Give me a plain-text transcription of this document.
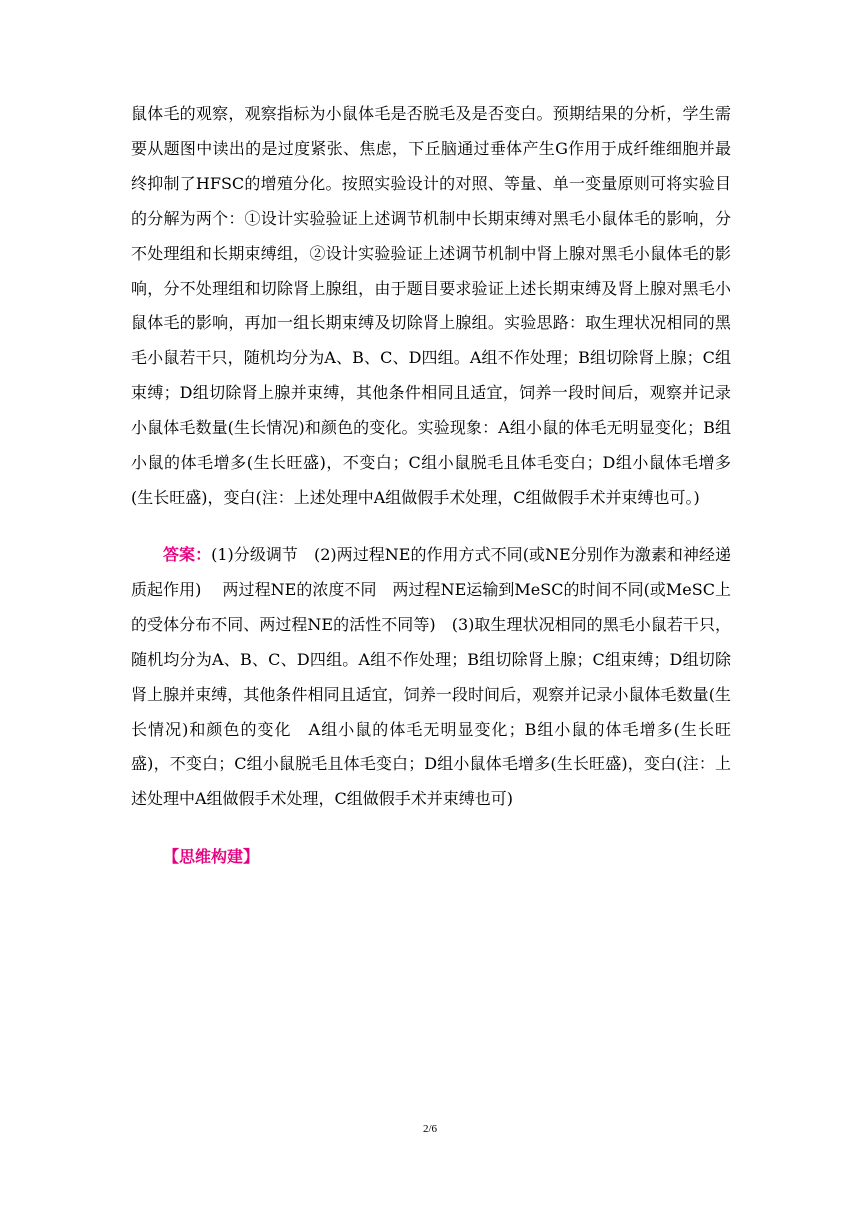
鼠体毛的观察，观察指标为小鼠体毛是否脱毛及是否变白。预期结果的分析，学生需要从题图中读出的是过度紧张、焦虑，下丘脑通过垂体产生G作用于成纤维细胞并最终抑制了HFSC的增殖分化。按照实验设计的对照、等量、单一变量原则可将实验目的分解为两个：①设计实验验证上述调节机制中长期束缚对黑毛小鼠体毛的影响，分不处理组和长期束缚组，②设计实验验证上述调节机制中肾上腺对黑毛小鼠体毛的影响，分不处理组和切除肾上腺组，由于题目要求验证上述长期束缚及肾上腺对黑毛小鼠体毛的影响，再加一组长期束缚及切除肾上腺组。实验思路：取生理状况相同的黑毛小鼠若干只，随机均分为A、B、C、D四组。A组不作处理；B组切除肾上腺；C组束缚；D组切除肾上腺并束缚，其他条件相同且适宜，饲养一段时间后，观察并记录小鼠体毛数量(生长情况)和颜色的变化。实验现象：A组小鼠的体毛无明显变化；B组小鼠的体毛增多(生长旺盛)，不变白；C组小鼠脱毛且体毛变白；D组小鼠体毛增多(生长旺盛)，变白(注：上述处理中A组做假手术处理，C组做假手术并束缚也可。)

答案：(1)分级调节　(2)两过程NE的作用方式不同(或NE分别作为激素和神经递质起作用)　 两过程NE的浓度不同　两过程NE运输到MeSC的时间不同(或MeSC上的受体分布不同、两过程NE的活性不同等)　(3)取生理状况相同的黑毛小鼠若干只，随机均分为A、B、C、D四组。A组不作处理；B组切除肾上腺；C组束缚；D组切除肾上腺并束缚，其他条件相同且适宜，饲养一段时间后，观察并记录小鼠体毛数量(生长情况)和颜色的变化　A组小鼠的体毛无明显变化；B组小鼠的体毛增多(生长旺盛)，不变白；C组小鼠脱毛且体毛变白；D组小鼠体毛增多(生长旺盛)，变白(注：上述处理中A组做假手术处理，C组做假手术并束缚也可)

【思维构建】

2/6
